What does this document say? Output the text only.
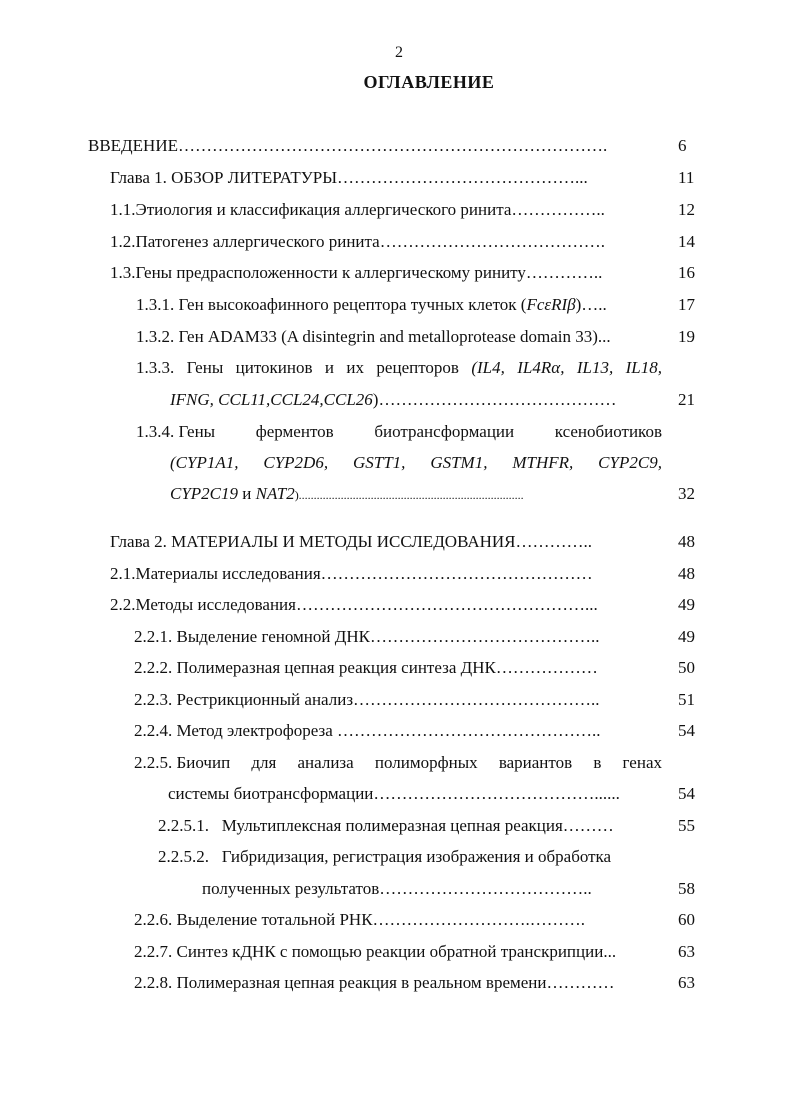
2
ОГЛАВЛЕНИЕ
ВВЕДЕНИЕ………………………………………………………………….	6
Глава 1. ОБЗОР ЛИТЕРАТУРЫ……………………………………...	11
1.1.Этиология и классификация аллергического ринита……………..	12
1.2.Патогенез аллергического ринита………………………………….	14
1.3.Гены предрасположенности к аллергическому риниту…………..	16
1.3.1. Ген высокоафинного рецептора тучных клеток (FcεRIβ)…..	17
1.3.2. Ген ADAM33 (A disintegrin and metalloprotease domain 33)...	19
1.3.3. Гены цитокинов и их рецепторов (IL4, IL4Rα, IL13, IL18,
IFNG, CCL11,CCL24,CCL26)……………………………………	21
1.3.4. Гены ферментов биотрансформации ксенобиотиков
(CYP1A1, CYP2D6, GSTT1, GSTM1, MTHFR, CYP2C9,
CYP2C19 и NAT2)...........................................................................	32
Глава 2. МАТЕРИАЛЫ И МЕТОДЫ ИССЛЕДОВАНИЯ…………..	48
2.1.Материалы исследования…………………………………………	48
2.2.Методы исследования……………………………………………...	49
2.2.1. Выделение геномной ДНК…………………………………..	49
2.2.2. Полимеразная цепная реакция синтеза ДНК………………	50
2.2.3. Рестрикционный анализ……………………………………..	51
2.2.4. Метод электрофореза ………………………………………..	54
2.2.5. Биочип для анализа полиморфных вариантов в генах
системы биотрансформации…………………………………......	54
2.2.5.1.   Мультиплексная полимеразная цепная реакция………	55
2.2.5.2.   Гибридизация, регистрация изображения и обработка
полученных результатов………………………………..	58
2.2.6. Выделение тотальной РНК……………………….……….	60
2.2.7. Синтез кДНК с помощью реакции обратной транскрипции...	63
2.2.8. Полимеразная цепная реакция в реальном времени…………	63
